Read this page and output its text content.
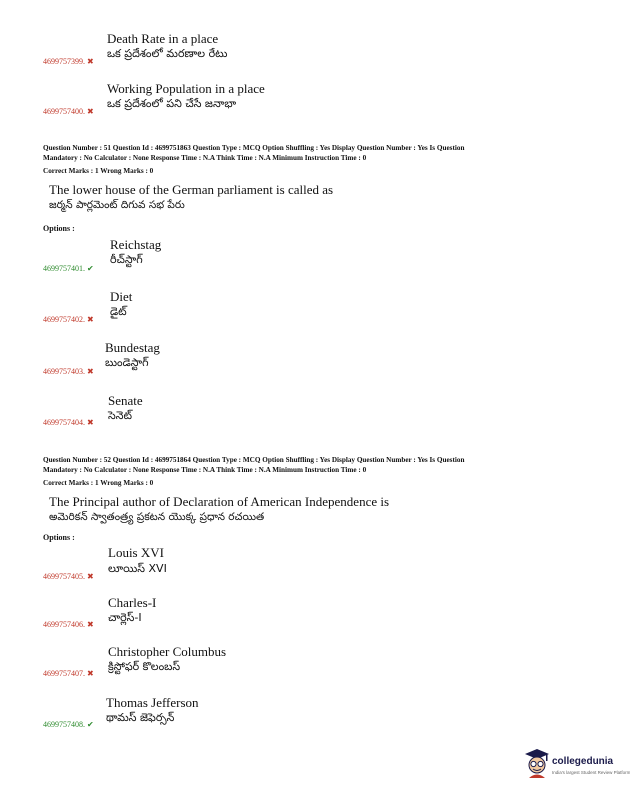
Death Rate in a place
ఒక ప్రదేశంలో మరణాల రేటు
4699757399. ✖
Working Population in a place
ఒక ప్రదేశంలో పని చేసే జనాభా
4699757400. ✖
Question Number : 51 Question Id : 4699751863 Question Type : MCQ Option Shuffling : Yes Display Question Number : Yes Is Question
Mandatory : No Calculator : None Response Time : N.A Think Time : N.A Minimum Instruction Time : 0
Correct Marks : 1 Wrong Marks : 0
The lower house of the German parliament is called as
జర్మన్ పార్లమెంట్ దిగువ సభ పేరు
Options :
Reichstag
రీచ్‌స్టాగ్
4699757401. ✔
Diet
డైట్
4699757402. ✖
Bundestag
బుండెస్టాగ్
4699757403. ✖
Senate
సెనెట్
4699757404. ✖
Question Number : 52 Question Id : 4699751864 Question Type : MCQ Option Shuffling : Yes Display Question Number : Yes Is Question
Mandatory : No Calculator : None Response Time : N.A Think Time : N.A Minimum Instruction Time : 0
Correct Marks : 1 Wrong Marks : 0
The Principal author of Declaration of American Independence is
అమెరికన్ స్వాతంత్ర్య ప్రకటన యొక్క ప్రధాన రచయిత
Options :
Louis XVI
లూయిస్ XVI
4699757405. ✖
Charles-I
చార్లెస్-I
4699757406. ✖
Christopher Columbus
క్రిస్టోఫర్ కొలంబస్
4699757407. ✖
Thomas Jefferson
థామస్ జెఫెర్సన్
4699757408. ✔
collegedunia
India's largest Student Review Platform
